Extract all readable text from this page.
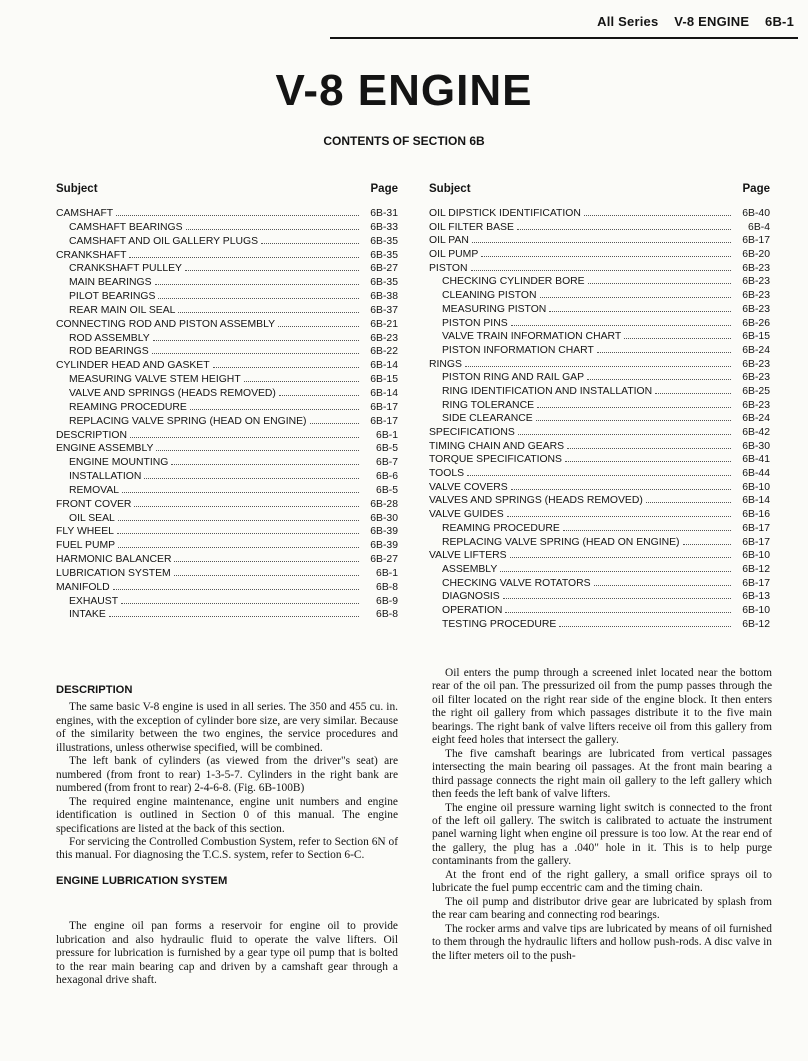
All Series V-8 ENGINE 6B-1
V-8 ENGINE
CONTENTS OF SECTION 6B
Subject	Page
CAMSHAFT	6B-31
CAMSHAFT BEARINGS	6B-33
CAMSHAFT AND OIL GALLERY PLUGS	6B-35
CRANKSHAFT	6B-35
CRANKSHAFT PULLEY	6B-27
MAIN BEARINGS	6B-35
PILOT BEARINGS	6B-38
REAR MAIN OIL SEAL	6B-37
CONNECTING ROD AND PISTON ASSEMBLY	6B-21
ROD ASSEMBLY	6B-23
ROD BEARINGS	6B-22
CYLINDER HEAD AND GASKET	6B-14
MEASURING VALVE STEM HEIGHT	6B-15
VALVE AND SPRINGS (HEADS REMOVED)	6B-14
REAMING PROCEDURE	6B-17
REPLACING VALVE SPRING (HEAD ON ENGINE)	6B-17
DESCRIPTION	6B-1
ENGINE ASSEMBLY	6B-5
ENGINE MOUNTING	6B-7
INSTALLATION	6B-6
REMOVAL	6B-5
FRONT COVER	6B-28
OIL SEAL	6B-30
FLY WHEEL	6B-39
FUEL PUMP	6B-39
HARMONIC BALANCER	6B-27
LUBRICATION SYSTEM	6B-1
MANIFOLD	6B-8
EXHAUST	6B-9
INTAKE	6B-8
Subject	Page
OIL DIPSTICK IDENTIFICATION	6B-40
OIL FILTER BASE	6B-4
OIL PAN	6B-17
OIL PUMP	6B-20
PISTON	6B-23
CHECKING CYLINDER BORE	6B-23
CLEANING PISTON	6B-23
MEASURING PISTON	6B-23
PISTON PINS	6B-26
VALVE TRAIN INFORMATION CHART	6B-15
PISTON INFORMATION CHART	6B-24
RINGS	6B-23
PISTON RING AND RAIL GAP	6B-23
RING IDENTIFICATION AND INSTALLATION	6B-25
RING TOLERANCE	6B-23
SIDE CLEARANCE	6B-24
SPECIFICATIONS	6B-42
TIMING CHAIN AND GEARS	6B-30
TORQUE SPECIFICATIONS	6B-41
TOOLS	6B-44
VALVE COVERS	6B-10
VALVES AND SPRINGS (HEADS REMOVED)	6B-14
VALVE GUIDES	6B-16
REAMING PROCEDURE	6B-17
REPLACING VALVE SPRING (HEAD ON ENGINE)	6B-17
VALVE LIFTERS	6B-10
ASSEMBLY	6B-12
CHECKING VALVE ROTATORS	6B-17
DIAGNOSIS	6B-13
OPERATION	6B-10
TESTING PROCEDURE	6B-12
DESCRIPTION

The same basic V-8 engine is used in all series. The 350 and 455 cu. in. engines, with the exception of cylinder bore size, are very similar. Because of the similarity between the two engines, the service procedures and illustrations, unless otherwise specified, will be combined.

The left bank of cylinders (as viewed from the driver"s seat) are numbered (from front to rear) 1-3-5-7. Cylinders in the right bank are numbered (from front to rear) 2-4-6-8. (Fig. 6B-100B)

The required engine maintenance, engine unit numbers and engine identification is outlined in Section 0 of this manual. The engine specifications are listed at the back of this section.

For servicing the Controlled Combustion System, refer to Section 6N of this manual. For diagnosing the T.C.S. system, refer to Section 6-C.

ENGINE LUBRICATION SYSTEM

The engine oil pan forms a reservoir for engine oil to provide lubrication and also hydraulic fluid to operate the valve lifters. Oil pressure for lubrication is furnished by a gear type oil pump that is bolted to the rear main bearing cap and driven by a camshaft gear through a hexagonal drive shaft.

Oil enters the pump through a screened inlet located near the bottom rear of the oil pan. The pressurized oil from the pump passes through the oil filter located on the right rear side of the engine block. It then enters the right oil gallery from which passages distribute it to the five main bearings. The right bank of valve lifters receive oil from this gallery from eight feed holes that intersect the gallery.

The five camshaft bearings are lubricated from vertical passages intersecting the main bearing oil passages. At the front main bearing a third passage connects the right main oil gallery to the left gallery which then feeds the left bank of valve lifters.

The engine oil pressure warning light switch is connected to the front of the left oil gallery. The switch is calibrated to actuate the instrument panel warning light when engine oil pressure is too low. At the rear end of the gallery, the plug has a .040" hole in it. This is to help purge contaminants from the gallery.

At the front end of the right gallery, a small orifice sprays oil to lubricate the fuel pump eccentric cam and the timing chain.

The oil pump and distributor drive gear are lubricated by splash from the rear cam bearing and connecting rod bearings.

The rocker arms and valve tips are lubricated by means of oil furnished to them through the hydraulic lifters and hollow push-rods. A disc valve in the lifter meters oil to the push-
